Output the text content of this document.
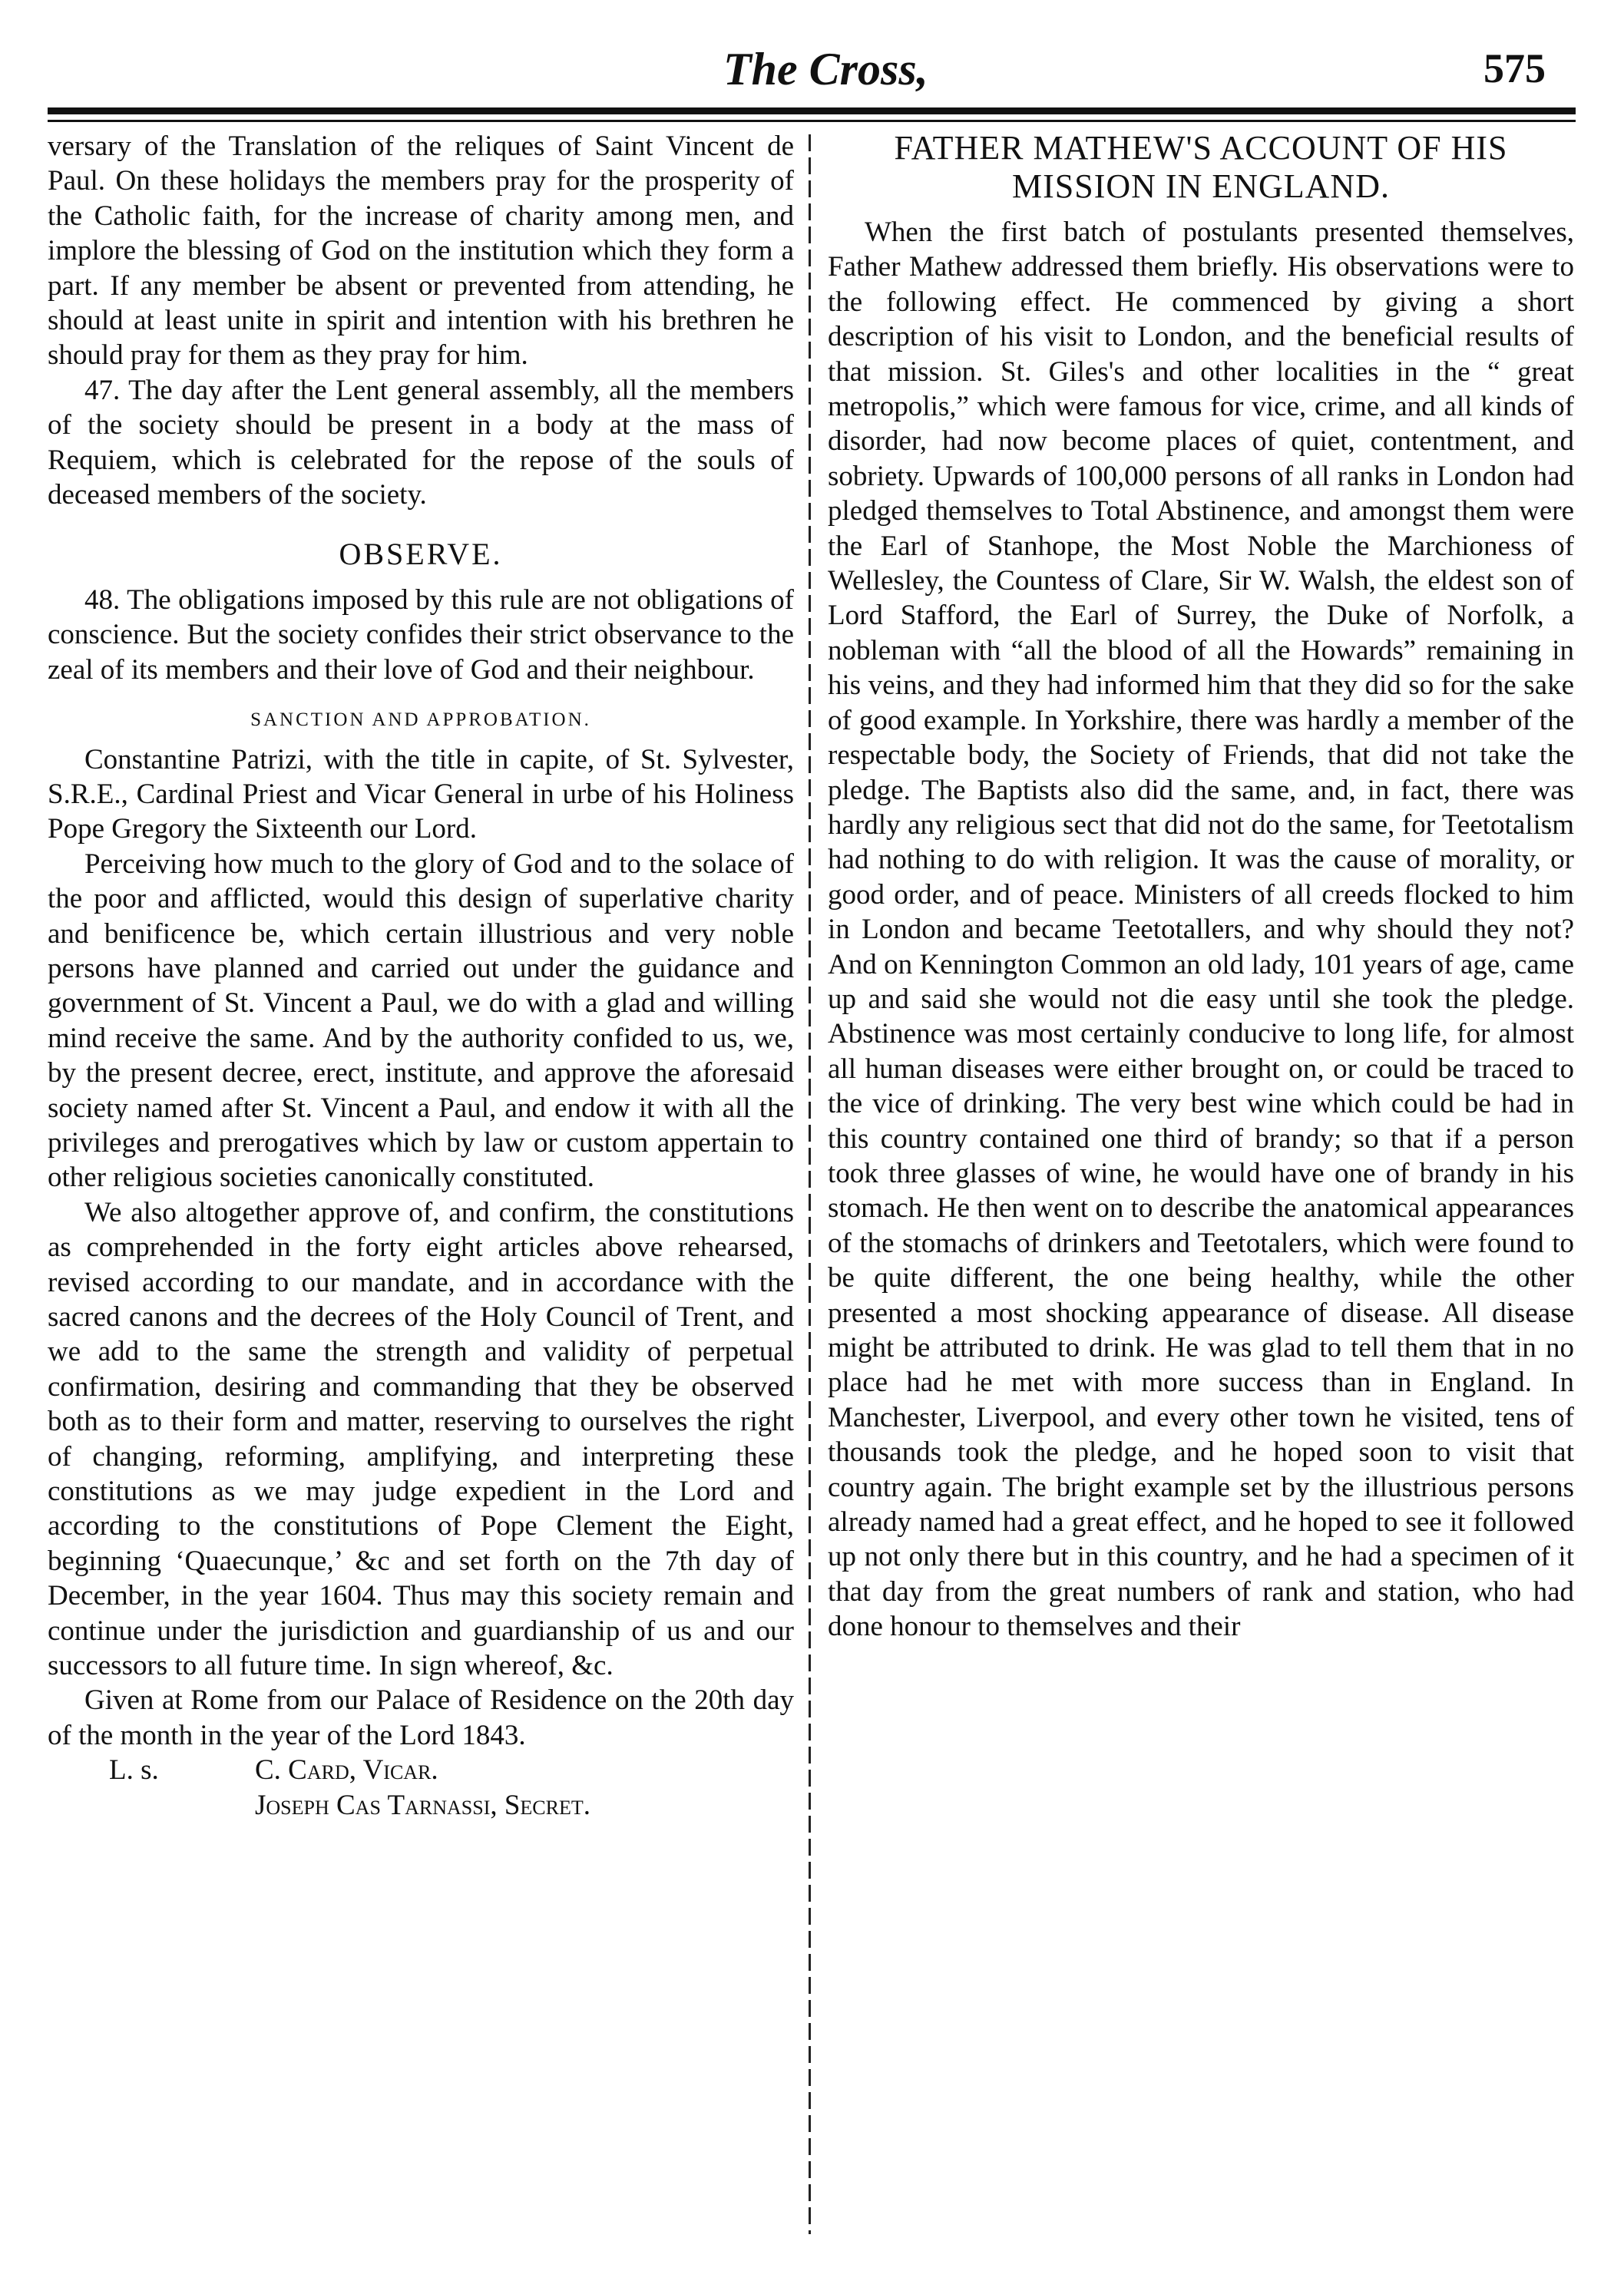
The Cross,	575

versary of the Translation of the reliques of Saint Vincent de Paul. On these holidays the members pray for the prosperity of the Catholic faith, for the increase of charity among men, and implore the blessing of God on the institution which they form a part. If any member be absent or prevented from attending, he should at least unite in spirit and intention with his brethren he should pray for them as they pray for him.

47. The day after the Lent general assembly, all the members of the society should be present in a body at the mass of Requiem, which is celebrated for the repose of the souls of deceased members of the society.

OBSERVE.

48. The obligations imposed by this rule are not obligations of conscience. But the society confides their strict observance to the zeal of its members and their love of God and their neighbour.

SANCTION AND APPROBATION.

Constantine Patrizi, with the title in capite, of St. Sylvester, S.R.E., Cardinal Priest and Vicar General in urbe of his Holiness Pope Gregory the Sixteenth our Lord.

Perceiving how much to the glory of God and to the solace of the poor and afflicted, would this design of superlative charity and benificence be, which certain illustrious and very noble persons have planned and carried out under the guidance and government of St. Vincent a Paul, we do with a glad and willing mind receive the same. And by the authority confided to us, we, by the present decree, erect, institute, and approve the aforesaid society named after St. Vincent a Paul, and endow it with all the privileges and prerogatives which by law or custom appertain to other religious societies canonically constituted.

We also altogether approve of, and confirm, the constitutions as comprehended in the forty eight articles above rehearsed, revised according to our mandate, and in accordance with the sacred canons and the decrees of the Holy Council of Trent, and we add to the same the strength and validity of perpetual confirmation, desiring and commanding that they be observed both as to their form and matter, reserving to ourselves the right of changing, reforming, amplifying, and interpreting these constitutions as we may judge expedient in the Lord and according to the constitutions of Pope Clement the Eight, beginning ‘Quaecunque,’ &c and set forth on the 7th day of December, in the year 1604. Thus may this society remain and continue under the jurisdiction and guardianship of us and our successors to all future time. In sign whereof, &c.

Given at Rome from our Palace of Residence on the 20th day of the month in the year of the Lord 1843.

L. s.	C. Card, Vicar.

Joseph Cas Tarnassi, Secret.

FATHER MATHEW'S ACCOUNT OF HIS MISSION IN ENGLAND.

When the first batch of postulants presented themselves, Father Mathew addressed them briefly. His observations were to the following effect. He commenced by giving a short description of his visit to London, and the beneficial results of that mission. St. Giles's and other localities in the “ great metropolis,” which were famous for vice, crime, and all kinds of disorder, had now become places of quiet, contentment, and sobriety. Upwards of 100,000 persons of all ranks in London had pledged themselves to Total Abstinence, and amongst them were the Earl of Stanhope, the Most Noble the Marchioness of Wellesley, the Countess of Clare, Sir W. Walsh, the eldest son of Lord Stafford, the Earl of Surrey, the Duke of Norfolk, a nobleman with “all the blood of all the Howards” remaining in his veins, and they had informed him that they did so for the sake of good example. In Yorkshire, there was hardly a member of the respectable body, the Society of Friends, that did not take the pledge. The Baptists also did the same, and, in fact, there was hardly any religious sect that did not do the same, for Teetotalism had nothing to do with religion. It was the cause of morality, or good order, and of peace. Ministers of all creeds flocked to him in London and became Teetotallers, and why should they not? And on Kennington Common an old lady, 101 years of age, came up and said she would not die easy until she took the pledge. Abstinence was most certainly conducive to long life, for almost all human diseases were either brought on, or could be traced to the vice of drinking. The very best wine which could be had in this country contained one third of brandy; so that if a person took three glasses of wine, he would have one of brandy in his stomach. He then went on to describe the anatomical appearances of the stomachs of drinkers and Teetotalers, which were found to be quite different, the one being healthy, while the other presented a most shocking appearance of disease. All disease might be attributed to drink. He was glad to tell them that in no place had he met with more success than in England. In Manchester, Liverpool, and every other town he visited, tens of thousands took the pledge, and he hoped soon to visit that country again. The bright example set by the illustrious persons already named had a great effect, and he hoped to see it followed up not only there but in this country, and he had a specimen of it that day from the great numbers of rank and station, who had done honour to themselves and their
